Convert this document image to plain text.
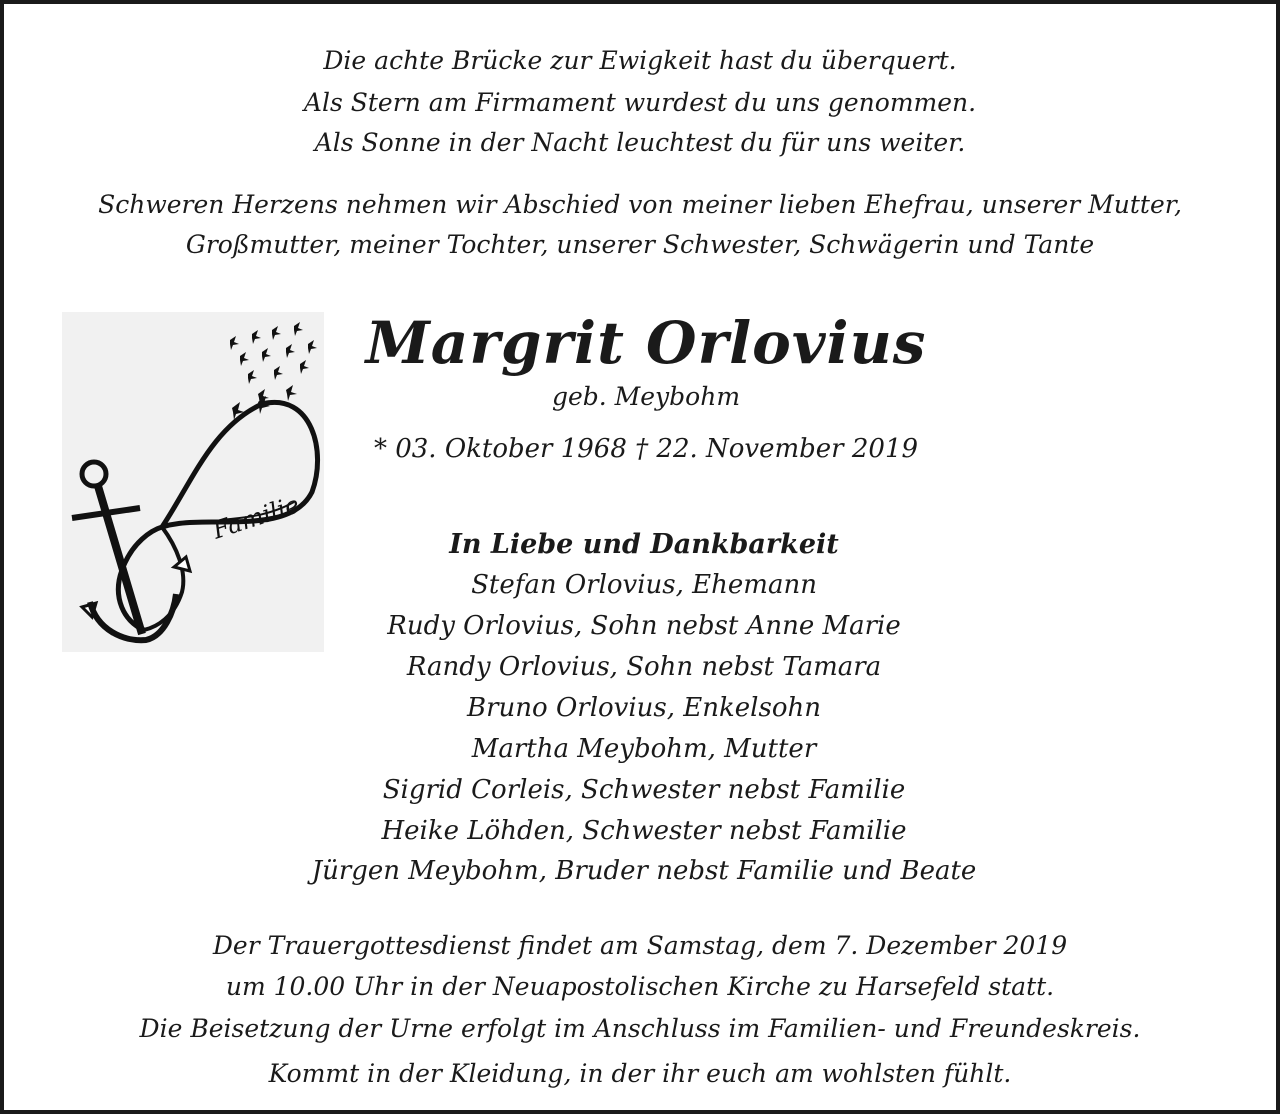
Die achte Brücke zur Ewigkeit hast du überquert.
Als Stern am Firmament wurdest du uns genommen.
Als Sonne in der Nacht leuchtest du für uns weiter.
Schweren Herzens nehmen wir Abschied von meiner lieben Ehefrau, unserer Mutter,
Großmutter, meiner Tochter, unserer Schwester, Schwägerin und Tante
Familie
Margrit Orlovius
geb. Meybohm
* 03. Oktober 1968 † 22. November 2019
In Liebe und Dankbarkeit
Stefan Orlovius, Ehemann
Rudy Orlovius, Sohn nebst Anne Marie
Randy Orlovius, Sohn nebst Tamara
Bruno Orlovius, Enkelsohn
Martha Meybohm, Mutter
Sigrid Corleis, Schwester nebst Familie
Heike Löhden, Schwester nebst Familie
Jürgen Meybohm, Bruder nebst Familie und Beate
Der Trauergottesdienst findet am Samstag, dem 7. Dezember 2019
um 10.00 Uhr in der Neuapostolischen Kirche zu Harsefeld statt.
Die Beisetzung der Urne erfolgt im Anschluss im Familien- und Freundeskreis.
Kommt in der Kleidung, in der ihr euch am wohlsten fühlt.
